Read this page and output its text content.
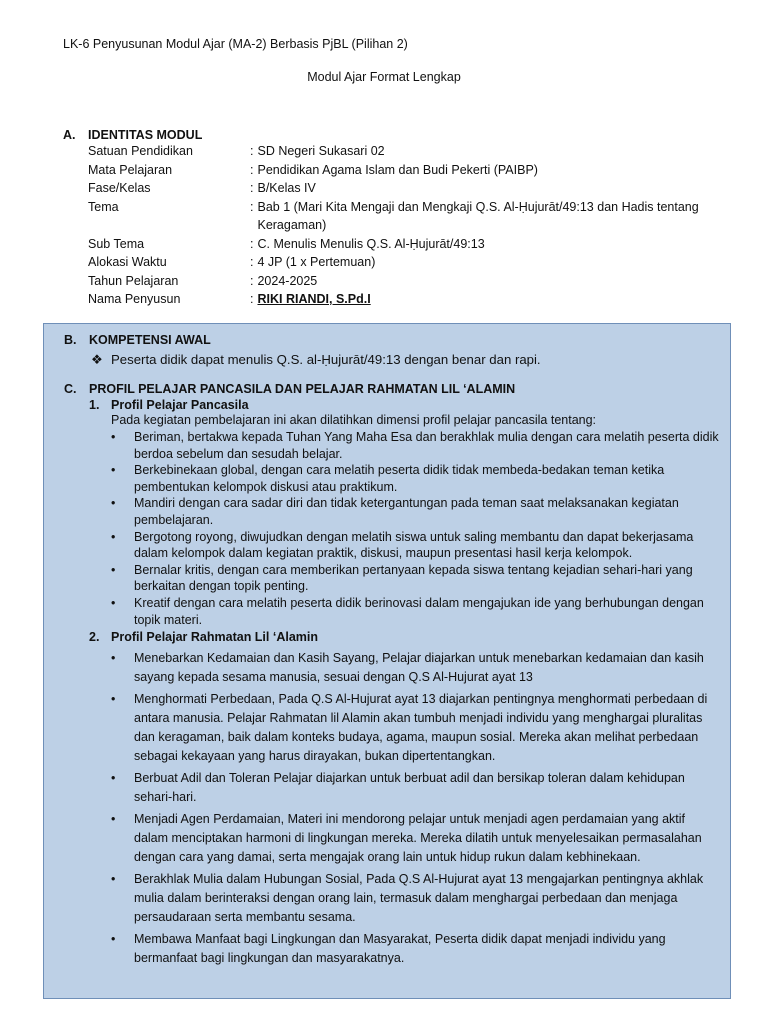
LK-6 Penyusunan Modul Ajar (MA-2) Berbasis PjBL (Pilihan 2)
Modul Ajar Format Lengkap
A.	IDENTITAS MODUL
Satuan Pendidikan	: SD Negeri Sukasari 02
Mata Pelajaran	: Pendidikan Agama Islam dan Budi Pekerti (PAIBP)
Fase/Kelas	: B/Kelas IV
Tema	: Bab 1 (Mari Kita Mengaji dan Mengkaji Q.S. Al-Ḥujurāt/49:13 dan Hadis tentang Keragaman)
Sub Tema	: C. Menulis Menulis Q.S. Al-Ḥujurāt/49:13
Alokasi Waktu	: 4 JP (1 x Pertemuan)
Tahun Pelajaran	: 2024-2025
Nama Penyusun	: RIKI RIANDI, S.Pd.I
B.	KOMPETENSI AWAL
❖ Peserta didik dapat menulis Q.S. al-Ḥujurāt/49:13 dengan benar dan rapi.
C.	PROFIL PELAJAR PANCASILA DAN PELAJAR RAHMATAN LIL ‘ALAMIN
1. Profil Pelajar Pancasila
Pada kegiatan pembelajaran ini akan dilatihkan dimensi profil pelajar pancasila tentang:
•	Beriman, bertakwa kepada Tuhan Yang Maha Esa dan berakhlak mulia dengan cara melatih peserta didik berdoa sebelum dan sesudah belajar.
•	Berkebinekaan global, dengan cara melatih peserta didik tidak membeda-bedakan teman ketika pembentukan kelompok diskusi atau praktikum.
•	Mandiri dengan cara sadar diri dan tidak ketergantungan pada teman saat melaksanakan kegiatan pembelajaran.
•	Bergotong royong, diwujudkan dengan melatih siswa untuk saling membantu dan dapat bekerjasama dalam kelompok dalam kegiatan praktik, diskusi, maupun presentasi hasil kerja kelompok.
•	Bernalar kritis, dengan cara memberikan pertanyaan kepada siswa tentang kejadian sehari-hari yang berkaitan dengan topik penting.
•	Kreatif dengan cara melatih peserta didik berinovasi dalam mengajukan ide yang berhubungan dengan topik materi.
2. Profil Pelajar Rahmatan Lil ‘Alamin
•	Menebarkan Kedamaian dan Kasih Sayang, Pelajar diajarkan untuk menebarkan kedamaian dan kasih sayang kepada sesama manusia, sesuai dengan Q.S Al-Hujurat ayat 13
•	Menghormati Perbedaan, Pada Q.S Al-Hujurat ayat 13 diajarkan pentingnya menghormati perbedaan di antara manusia. Pelajar Rahmatan lil Alamin akan tumbuh menjadi individu yang menghargai pluralitas dan keragaman, baik dalam konteks budaya, agama, maupun sosial. Mereka akan melihat perbedaan sebagai kekayaan yang harus dirayakan, bukan dipertentangkan.
•	Berbuat Adil dan Toleran Pelajar diajarkan untuk berbuat adil dan bersikap toleran dalam kehidupan sehari-hari.
•	Menjadi Agen Perdamaian, Materi ini mendorong pelajar untuk menjadi agen perdamaian yang aktif dalam menciptakan harmoni di lingkungan mereka. Mereka dilatih untuk menyelesaikan permasalahan dengan cara yang damai, serta mengajak orang lain untuk hidup rukun dalam kebhinekaan.
•	Berakhlak Mulia dalam Hubungan Sosial, Pada Q.S Al-Hujurat ayat 13 mengajarkan pentingnya akhlak mulia dalam berinteraksi dengan orang lain, termasuk dalam menghargai perbedaan dan menjaga persaudaraan serta membantu sesama.
•	Membawa Manfaat bagi Lingkungan dan Masyarakat, Peserta didik dapat menjadi individu yang bermanfaat bagi lingkungan dan masyarakatnya.
